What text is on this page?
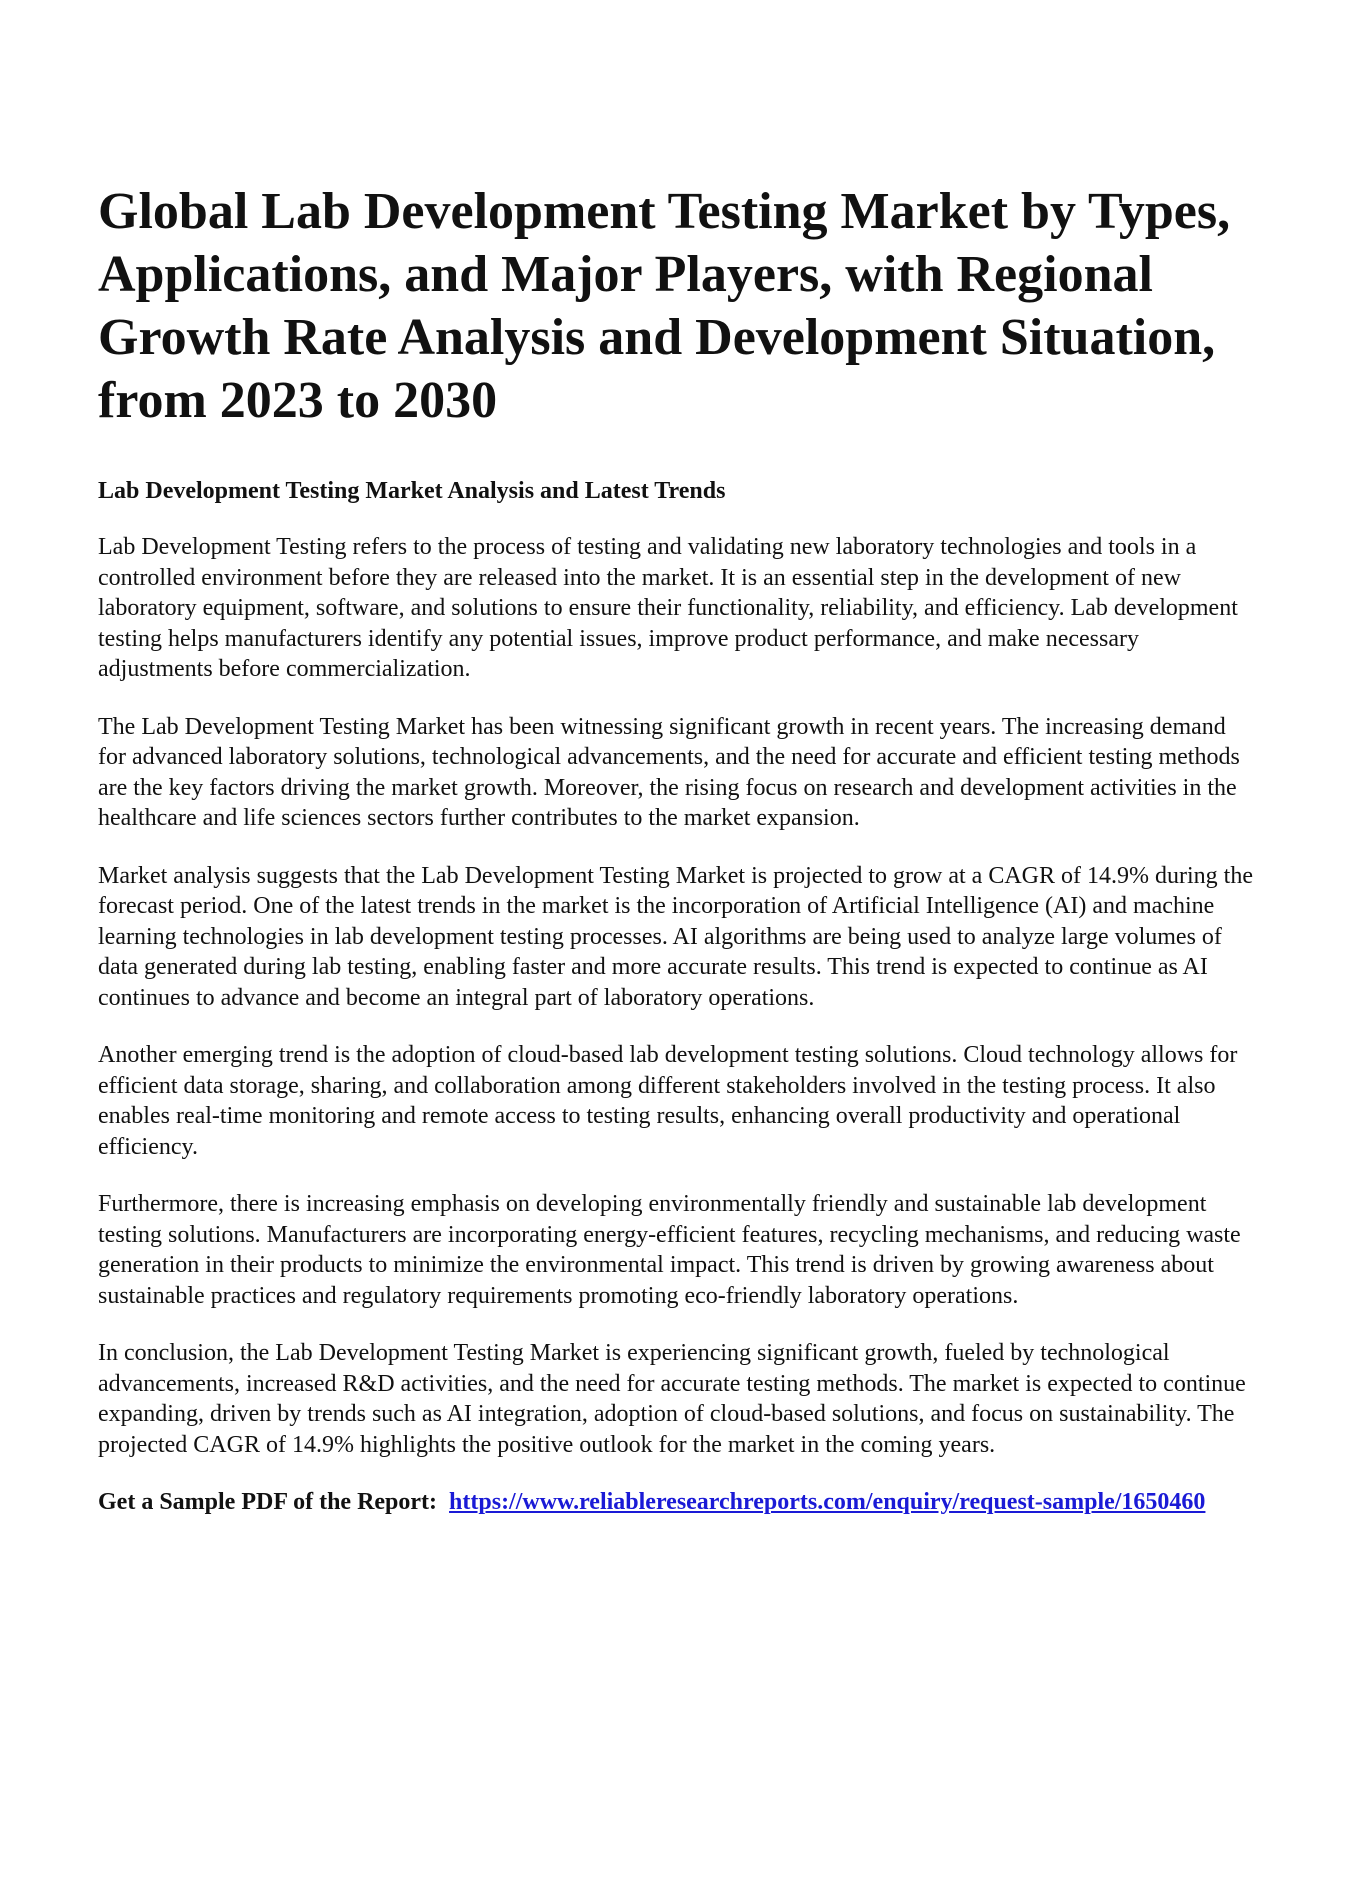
Global Lab Development Testing Market by Types, Applications, and Major Players, with Regional Growth Rate Analysis and Development Situation, from 2023 to 2030
Lab Development Testing Market Analysis and Latest Trends

Lab Development Testing refers to the process of testing and validating new laboratory technologies and tools in a controlled environment before they are released into the market. It is an essential step in the development of new laboratory equipment, software, and solutions to ensure their functionality, reliability, and efficiency. Lab development testing helps manufacturers identify any potential issues, improve product performance, and make necessary adjustments before commercialization.

The Lab Development Testing Market has been witnessing significant growth in recent years. The increasing demand for advanced laboratory solutions, technological advancements, and the need for accurate and efficient testing methods are the key factors driving the market growth. Moreover, the rising focus on research and development activities in the healthcare and life sciences sectors further contributes to the market expansion.

Market analysis suggests that the Lab Development Testing Market is projected to grow at a CAGR of 14.9% during the forecast period. One of the latest trends in the market is the incorporation of Artificial Intelligence (AI) and machine learning technologies in lab development testing processes. AI algorithms are being used to analyze large volumes of data generated during lab testing, enabling faster and more accurate results. This trend is expected to continue as AI continues to advance and become an integral part of laboratory operations.

Another emerging trend is the adoption of cloud-based lab development testing solutions. Cloud technology allows for efficient data storage, sharing, and collaboration among different stakeholders involved in the testing process. It also enables real-time monitoring and remote access to testing results, enhancing overall productivity and operational efficiency.

Furthermore, there is increasing emphasis on developing environmentally friendly and sustainable lab development testing solutions. Manufacturers are incorporating energy-efficient features, recycling mechanisms, and reducing waste generation in their products to minimize the environmental impact. This trend is driven by growing awareness about sustainable practices and regulatory requirements promoting eco-friendly laboratory operations.

In conclusion, the Lab Development Testing Market is experiencing significant growth, fueled by technological advancements, increased R&D activities, and the need for accurate testing methods. The market is expected to continue expanding, driven by trends such as AI integration, adoption of cloud-based solutions, and focus on sustainability. The projected CAGR of 14.9% highlights the positive outlook for the market in the coming years.

Get a Sample PDF of the Report: https://www.reliableresearchreports.com/enquiry/request-sample/1650460
